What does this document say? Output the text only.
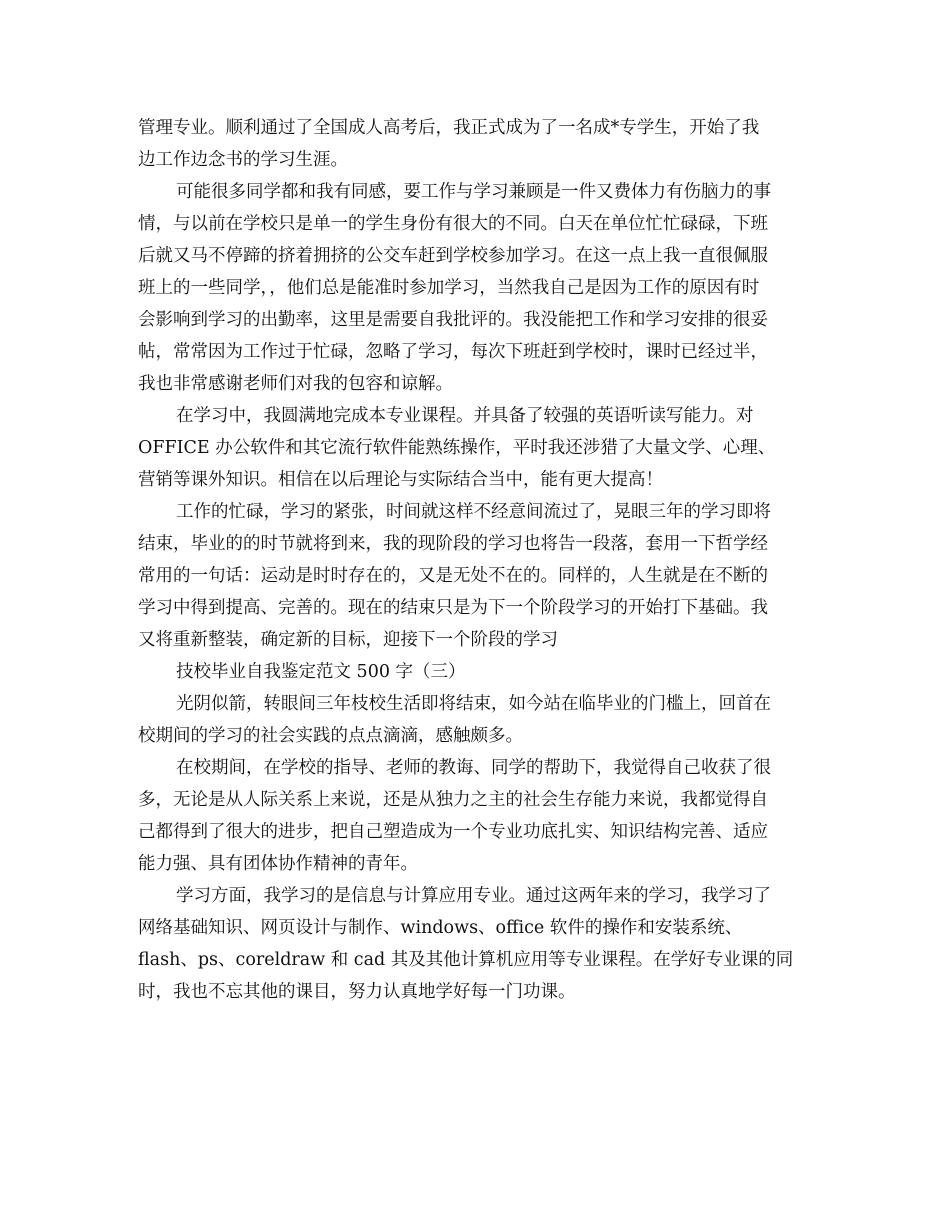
管理专业。顺利通过了全国成人高考后，我正式成为了一名成*专学生，开始了我
边工作边念书的学习生涯。
可能很多同学都和我有同感，要工作与学习兼顾是一件又费体力有伤脑力的事
情，与以前在学校只是单一的学生身份有很大的不同。白天在单位忙忙碌碌，下班
后就又马不停蹄的挤着拥挤的公交车赶到学校参加学习。在这一点上我一直很佩服
班上的一些同学，，他们总是能准时参加学习，当然我自己是因为工作的原因有时
会影响到学习的出勤率，这里是需要自我批评的。我没能把工作和学习安排的很妥
帖，常常因为工作过于忙碌，忽略了学习，每次下班赶到学校时，课时已经过半，
我也非常感谢老师们对我的包容和谅解。
在学习中，我圆满地完成本专业课程。并具备了较强的英语听读写能力。对
OFFICE 办公软件和其它流行软件能熟练操作，平时我还涉猎了大量文学、心理、
营销等课外知识。相信在以后理论与实际结合当中，能有更大提高！
工作的忙碌，学习的紧张，时间就这样不经意间流过了，晃眼三年的学习即将
结束，毕业的的时节就将到来，我的现阶段的学习也将告一段落，套用一下哲学经
常用的一句话：运动是时时存在的，又是无处不在的。同样的，人生就是在不断的
学习中得到提高、完善的。现在的结束只是为下一个阶段学习的开始打下基础。我
又将重新整装，确定新的目标，迎接下一个阶段的学习
技校毕业自我鉴定范文 500 字（三）
光阴似箭，转眼间三年枝校生活即将结束，如今站在临毕业的门槛上，回首在
校期间的学习的社会实践的点点滴滴，感触颇多。
在校期间，在学校的指导、老师的教诲、同学的帮助下，我觉得自己收获了很
多，无论是从人际关系上来说，还是从独力之主的社会生存能力来说，我都觉得自
己都得到了很大的进步，把自己塑造成为一个专业功底扎实、知识结构完善、适应
能力强、具有团体协作精神的青年。
学习方面，我学习的是信息与计算应用专业。通过这两年来的学习，我学习了
网络基础知识、网页设计与制作、windows、office 软件的操作和安装系统、
flash、ps、coreldraw 和 cad 其及其他计算机应用等专业课程。在学好专业课的同
时，我也不忘其他的课目，努力认真地学好每一门功课。
